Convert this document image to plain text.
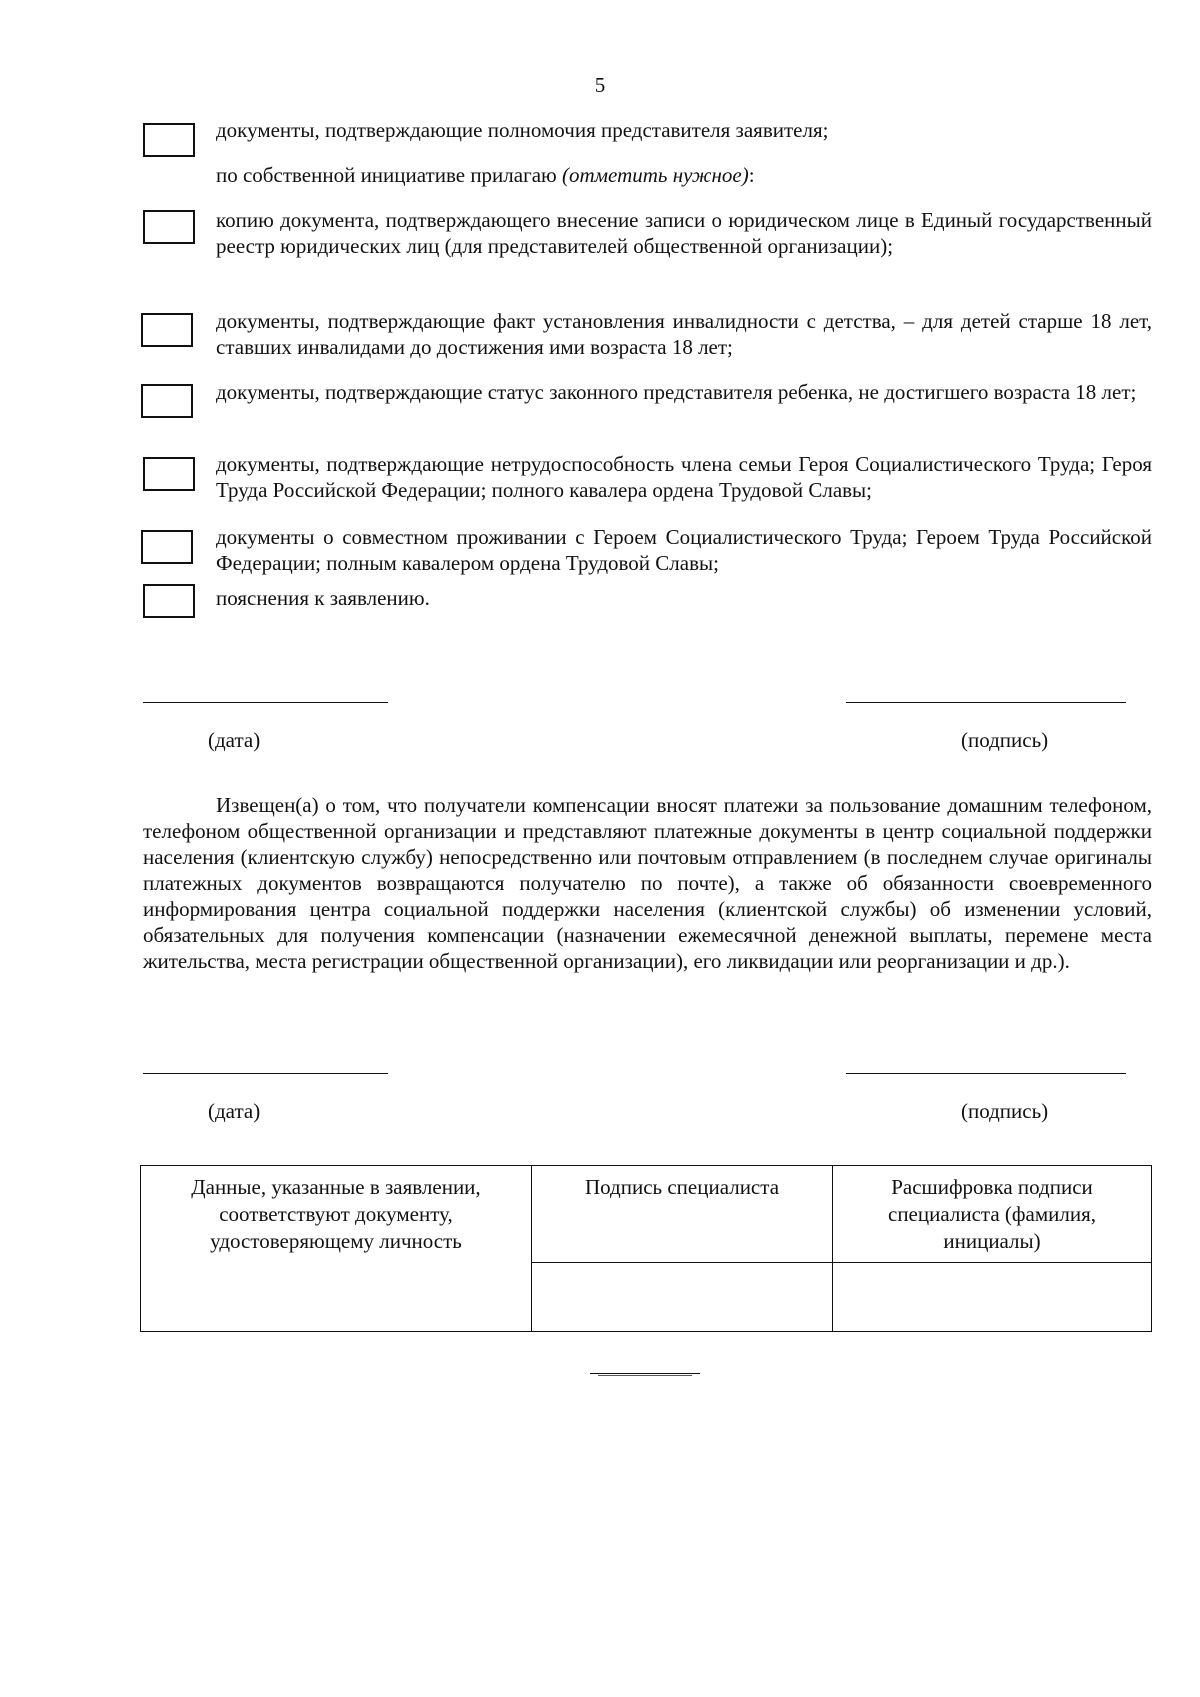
5
документы, подтверждающие полномочия представителя заявителя;
по собственной инициативе прилагаю (отметить нужное):
копию документа, подтверждающего внесение записи о юридическом лице в Единый государственный реестр юридических лиц (для представителей общественной организации);
документы, подтверждающие факт установления инвалидности с детства, – для детей старше 18 лет, ставших инвалидами до достижения ими возраста 18 лет;
документы, подтверждающие статус законного представителя ребенка, не достигшего возраста 18 лет;
документы, подтверждающие нетрудоспособность члена семьи Героя Социалистического Труда; Героя Труда Российской Федерации; полного кавалера ордена Трудовой Славы;
документы о совместном проживании с Героем Социалистического Труда; Героем Труда Российской Федерации; полным кавалером ордена Трудовой Славы;
пояснения к заявлению.
(дата)	(подпись)
Извещен(а) о том, что получатели компенсации вносят платежи за пользование домашним телефоном, телефоном общественной организации и представляют платежные документы в центр социальной поддержки населения (клиентскую службу) непосредственно или почтовым отправлением (в последнем случае оригиналы платежных документов возвращаются получателю по почте), а также об обязанности своевременного информирования центра социальной поддержки населения (клиентской службы) об изменении условий, обязательных для получения компенсации (назначении ежемесячной денежной выплаты, перемене места жительства, места регистрации общественной организации), его ликвидации или реорганизации и др.).
(дата)	(подпись)
Данные, указанные в заявлении, соответствуют документу, удостоверяющему личность	Подпись специалиста	Расшифровка подписи специалиста (фамилия, инициалы)
